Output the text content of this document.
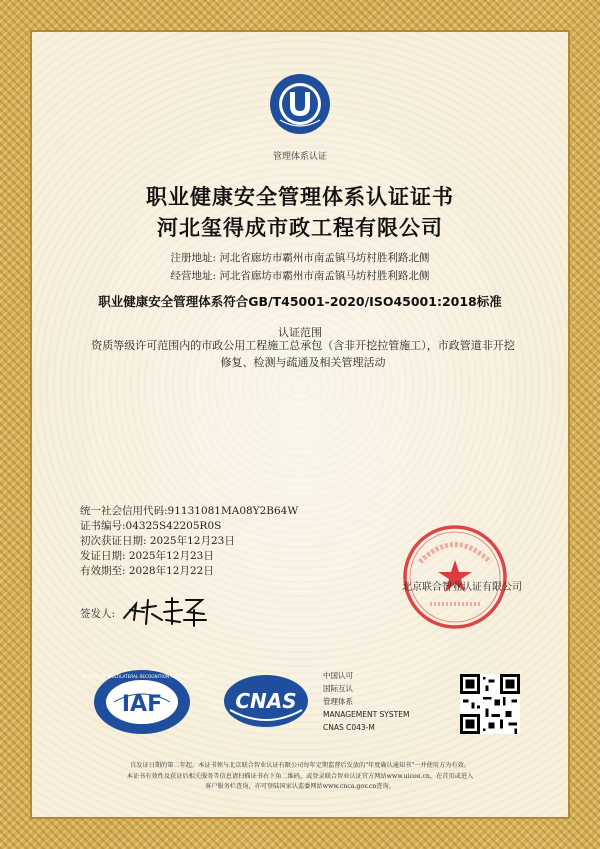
管理体系认证
职业健康安全管理体系认证证书
河北玺得成市政工程有限公司
注册地址: 河北省廊坊市霸州市南孟镇马坊村胜利路北侧
经营地址: 河北省廊坊市霸州市南孟镇马坊村胜利路北侧
职业健康安全管理体系符合GB/T45001-2020/ISO45001:2018标准
认证范围
资质等级许可范围内的市政公用工程施工总承包（含非开挖拉管施工），市政管道非开挖修复、检测与疏通及相关管理活动
统一社会信用代码:91131081MA08Y2B64W
证书编号:04325S42205R0S
初次获证日期: 2025年12月23日
发证日期: 2025年12月23日
有效期至: 2028年12月22日
北京联合智业认证有限公司
签发人:
IAF
MEMBER OF MULTILATERAL RECOGNITION ARRANGEMENT
CNAS
中国认可
国际互认
管理体系
MANAGEMENT SYSTEM
CNAS C043-M
自发证日期的第二年起，本证书须与北京联合智业认证有限公司每年定期监督后发放的"年度确认通知书"一并使用方为有效。
本证书有效性及获证后相关服务等信息请扫描证书右下角二维码，或登录联合智业认证官方网站www.uicee.cn，在首页或进入
客户服务栏查询，亦可登陆国家认监委网站www.cnca.gov.cn查询。
